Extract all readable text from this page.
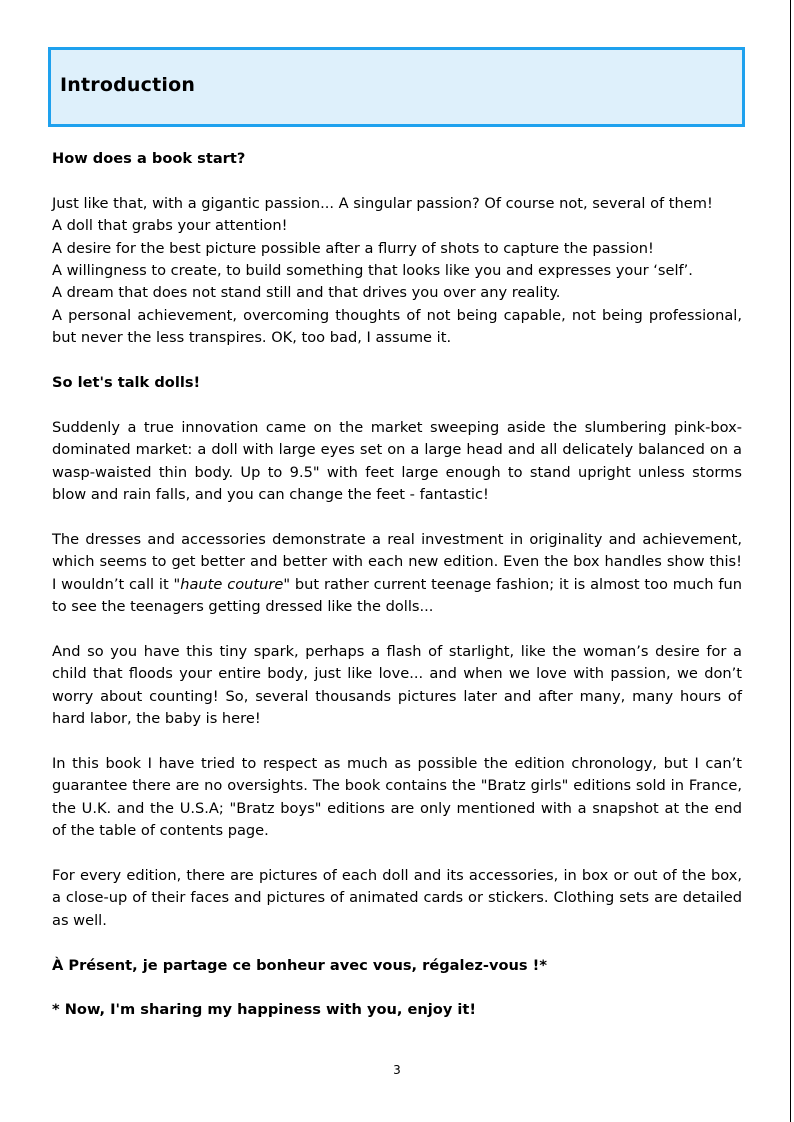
Introduction

How does a book start?

Just like that, with a gigantic passion... A singular passion? Of course not, several of them!
A doll that grabs your attention!
A desire for the best picture possible after a flurry of shots to capture the passion!
A willingness to create, to build something that looks like you and expresses your ‘self’.
A dream that does not stand still and that drives you over any reality.
A personal achievement, overcoming thoughts of not being capable, not being professional, but never the less transpires. OK, too bad, I assume it.

So let's talk dolls!

Suddenly a true innovation came on the market sweeping aside the slumbering pink-box-dominated market: a doll with large eyes set on a large head and all delicately balanced on a wasp-waisted thin body. Up to 9.5" with feet large enough to stand upright unless storms blow and rain falls, and you can change the feet - fantastic!

The dresses and accessories demonstrate a real investment in originality and achievement, which seems to get better and better with each new edition. Even the box handles show this! I wouldn’t call it "haute couture" but rather current teenage fashion; it is almost too much fun to see the teenagers getting dressed like the dolls...

And so you have this tiny spark, perhaps a flash of starlight, like the woman’s desire for a child that floods your entire body, just like love... and when we love with passion, we don’t worry about counting! So, several thousands pictures later and after many, many hours of hard labor, the baby is here!

In this book I have tried to respect as much as possible the edition chronology, but I can’t guarantee there are no oversights. The book contains the "Bratz girls" editions sold in France, the U.K. and the U.S.A; "Bratz boys" editions are only mentioned with a snapshot at the end of the table of contents page.

For every edition, there are pictures of each doll and its accessories, in box or out of the box, a close-up of their faces and pictures of animated cards or stickers. Clothing sets are detailed as well.

À Présent, je partage ce bonheur avec vous, régalez-vous !*

* Now, I'm sharing my happiness with you, enjoy it!

3
